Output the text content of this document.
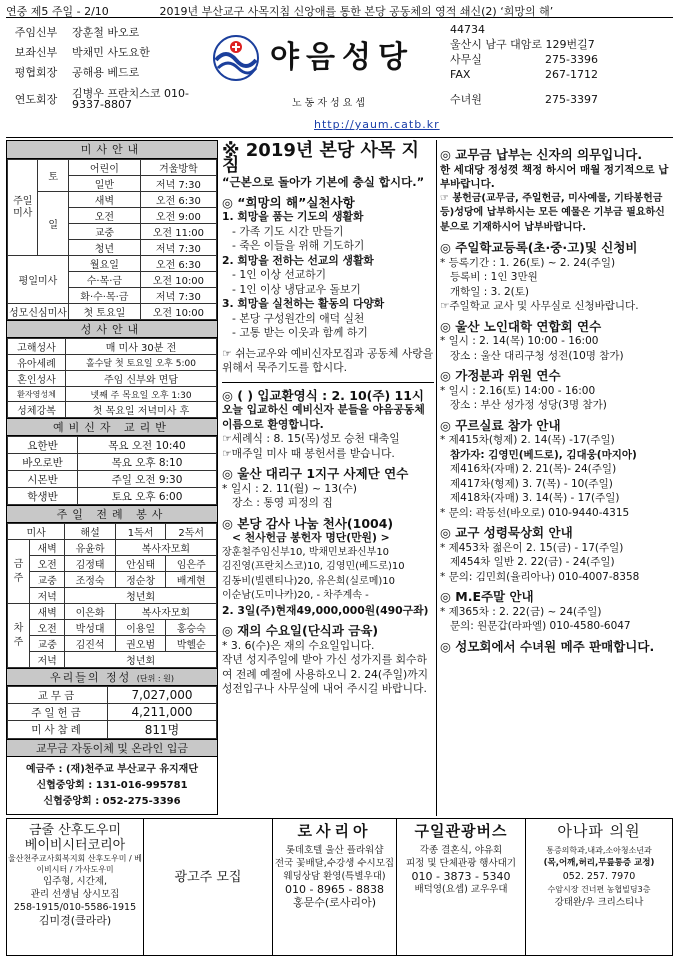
연중 제5 주일 - 2/10	2019년 부산교구 사목지침 신앙애를 통한 본당 공동체의 영적 쇄신(2) ‘희망의 해’
주임신부	장훈철 바오로
보좌신부	박채민 사도요한
평협회장	공해용 베드로
연도회장	김병우 프란치스코 010-9337-8807
야음성당
노동자성요셉
http://yaum.catb.kr
44734
울산시 남구 대암로 129번길7
사무실	275-3396
FAX	267-1712
수녀원	275-3397
미사안내
주일미사	토	어린이	겨울방학
		일반	저녁 7:30
	일	새벽	오전 6:30
		오전	오전 9:00
		교중	오전 11:00
		청년	저녁 7:30
평일미사		월요일	오전 6:30
		수·목·금	오전 10:00
		화·수·목·금	저녁 7:30
성모신심미사		첫 토요일	오전 10:00
성사안내
고해성사	매 미사 30분 전
유아세례	홀수달 첫 토요일 오후 5:00
혼인성사	주임 신부와 면담
환자영성체	넷째 주 목요일 오후 1:30
성체강복	첫 목요일 저녁미사 후
예비신자 교리반
요한반	목요 오전 10:40
바오로반	목요 오후 8:10
시몬반	주일 오전 9:30
학생반	토요 오후 6:00
주일 전례 봉사
미사		해설	1독서	2독서
금주	새벽	유윤하	복사자모회	
	오전	김정태	안심태	임은주
	교중	조정숙	정순창	배계현
	저녁	청년회		
차주	새벽	이은화	복사자모회	
	오전	박성대	이용일	홍승숙
	교중	김진석	권오범	박헬순
	저녁	청년회		
우리들의 정성 (단위 : 원)
교무금	7,027,000
주일헌금	4,211,000
미사참례	811명
교무금 자동이체 및 온라인 입금
예금주 : (재)천주교 부산교구 유지재단
신협중앙회 : 131-016-995781
신협중앙회 : 052-275-3396
※ 2019년 본당 사목 지침
“근본으로 돌아가 기본에 충실 합시다.”
◎ “희망의 해”실천사항
1. 희망을 품는 기도의 생활화
- 가족 기도 시간 만들기
- 죽은 이들을 위해 기도하기
2. 희망을 전하는 선교의 생활화
- 1인 이상 선교하기
- 1인 이상 냉담교우 돌보기
3. 희망을 실천하는 활동의 다양화
- 본당 구성원간의 애덕 실천
- 고통 받는 이웃과 함께 하기
☞ 쉬는교우와 예비신자모집과 공동체 사랑을 위해서 묵주기도를 합시다.
◎ ( ) 입교환영식 : 2. 10(주) 11시
오늘 입교하신 예비신자 분들을 야음공동체 이름으로 환영합니다.
☞세례식 : 8. 15(목)성모 승천 대축일
☞매주일 미사 때 봉헌서를 받습니다.
◎ 울산 대리구 1지구 사제단 연수
* 일시 : 2. 11(월) ~ 13(수)
장소 : 통영 피정의 집
◎ 본당 감사 나눔 천사(1004)
< 천사헌금 봉헌자 명단(만원) >
장훈철주임신부10, 박채민보좌신부10
김진영(프란치스코)10, 김영민(베드로)10
김동비(빌렌티나)20, 유은희(실로메)10
이순남(도미나카)20, - 차주계속 -
2. 3일(주)현재49,000,000원(490구좌)
◎ 재의 수요일(단식과 금육)
* 3. 6(수)은 재의 수요일입니다.
작년 성지주일에 받아 가신 성가지를 회수하여 전례 예절에 사용하오니 2. 24(주일)까지 성전입구나 사무실에 내어 주시길 바랍니다.
◎ 교무금 납부는 신자의 의무입니다.
한 세대당 정성껏 책정 하시어 매월 정기적으로 납부바랍니다.
☞ 봉헌금(교무금, 주일헌금, 미사예물, 기타봉헌금등)성당에 납부하시는 모든 예물은 기부금 필요하신 분으로 기재하시어 납부바랍니다.
◎ 주일학교등록(초·중·고)및 신청비
* 등록기간 : 1. 26(토) ~ 2. 24(주일)
등록비 : 1인 3만원
개학일 : 3. 2(토)
☞주일학교 교사 및 사무실로 신청바랍니다.
◎ 울산 노인대학 연합회 연수
* 일시 : 2. 14(목) 10:00 - 16:00
장소 : 울산 대리구청 성전(10명 참가)
◎ 가정분과 위원 연수
* 일시 : 2.16(토) 14:00 - 16:00
장소 : 부산 성가정 성당(3명 참가)
◎ 꾸르실료 참가 안내
* 제415차(형제) 2. 14(목) -17(주일)
참가자: 김영민(베드로), 김대웅(마지아)
제416차(자매) 2. 21(목)- 24(주일)
제417차(형제) 3. 7(목) - 10(주일)
제418차(자매) 3. 14(목) - 17(주일)
* 문의: 곽동선(바오로) 010-9440-4315
◎ 교구 성령묵상회 안내
* 제453차 젊은이 2. 15(금) - 17(주일)
제454차 일반 2. 22(금) - 24(주일)
* 문의: 김민희(율리아나) 010-4007-8358
◎ M.E주말 안내
* 제365차 : 2. 22(금) ~ 24(주일)
문의: 원문갑(라파엘) 010-4580-6047
◎ 성모회에서 수녀원 메주 판매합니다.
금줄 산후도우미
베이비시터코리아
울산천주교사회복지회 산후도우미 / 베이비시터 / 가사도우미
입주형, 시간제,
관리 선생님 상시모집
258-1915/010-5586-1915
김미경(클라라)
광고주 모집
로사리아
롯데호텔 울산 플라워샵
전국 꽃배달,수강생 수시모집
웨딩상담 환영(특별우대)
010 - 8965 - 8838
홍문수(로사리아)
구일관광버스
각종 결혼식, 야유회
피정 및 단체관광 행사대기
010 - 3873 - 5340
배덕영(요셉) 교우우대
아나파 의원
통증의학과,내과,소아청소년과
(목,어깨,허리,무릎통증 교정)
052. 257. 7970
수암시장 건너편 농협빌딩3층
강태완/우 크리스티나
